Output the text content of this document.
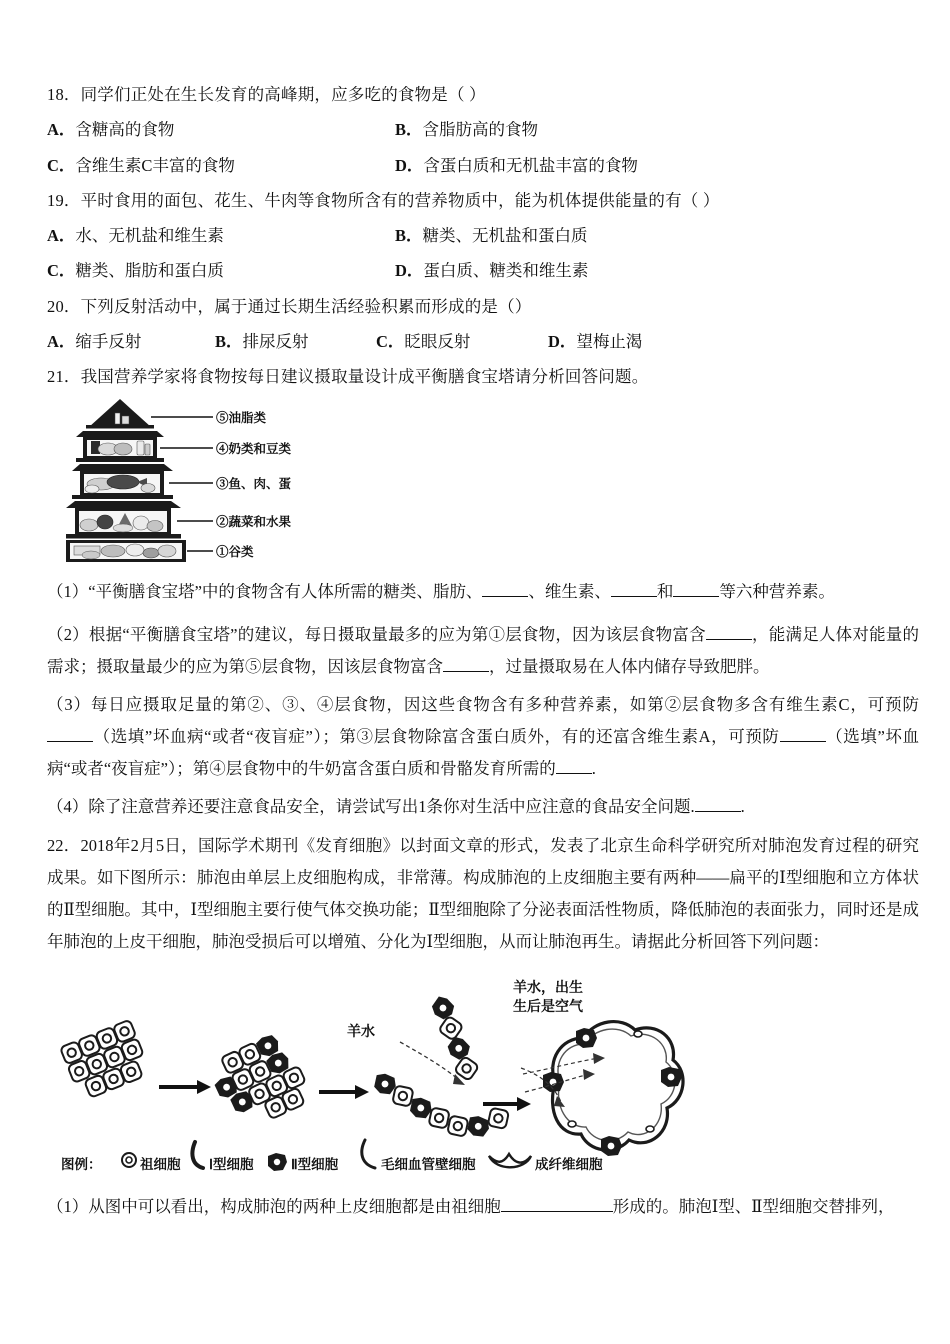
18．同学们正处在生长发育的高峰期，应多吃的食物是（ ）
A．含糖高的食物	B．含脂肪高的食物
C．含维生素C丰富的食物	D．含蛋白质和无机盐丰富的食物
19．平时食用的面包、花生、牛肉等食物所含有的营养物质中，能为机体提供能量的有（ ）
A．水、无机盐和维生素	B．糖类、无机盐和蛋白质
C．糖类、脂肪和蛋白质	D．蛋白质、糖类和维生素
20．下列反射活动中，属于通过长期生活经验积累而形成的是（）
A．缩手反射	B．排尿反射	C．眨眼反射	D．望梅止渴
21．我国营养学家将食物按每日建议摄取量设计成平衡膳食宝塔请分析回答问题。
⑤油脂类
④奶类和豆类
③鱼、肉、蛋
②蔬菜和水果
①谷类
（1）“平衡膳食宝塔”中的食物含有人体所需的糖类、脂肪、	、维生素、	和	等六种营养素。
（2）根据“平衡膳食宝塔”的建议，每日摄取量最多的应为第①层食物，因为该层食物富含	，能满足人体对能量的需求；摄取量最少的应为第⑤层食物，因该层食物富含	，过量摄取易在人体内储存导致肥胖。
（3）每日应摄取足量的第②、③、④层食物，因这些食物含有多种营养素，如第②层食物多含有维生素C，可预防（选填”坏血病“或者“夜盲症”）；第③层食物除富含蛋白质外，有的还富含维生素A，可预防	（选填”坏血病“或者“夜盲症”）；第④层食物中的牛奶富含蛋白质和骨骼发育所需的 .
（4）除了注意营养还要注意食品安全，请尝试写出1条你对生活中应注意的食品安全问题.	.
22．2018年2月5日，国际学术期刊《发育细胞》以封面文章的形式，发表了北京生命科学研究所对肺泡发育过程的研究成果。如下图所示：肺泡由单层上皮细胞构成，非常薄。构成肺泡的上皮细胞主要有两种——扁平的Ⅰ型细胞和立方体状的Ⅱ型细胞。其中，Ⅰ型细胞主要行使气体交换功能；Ⅱ型细胞除了分泌表面活性物质，降低肺泡的表面张力，同时还是成年肺泡的上皮干细胞，肺泡受损后可以增殖、分化为Ⅰ型细胞，从而让肺泡再生。请据此分析回答下列问题：
羊水
羊水，出生
生后是空气
图例：	祖细胞 Ⅰ型细胞	Ⅱ型细胞	毛细血管壁细胞	成纤维细胞
（1）从图中可以看出，构成肺泡的两种上皮细胞都是由祖细胞	形成的。肺泡Ⅰ型、Ⅱ型细胞交替排列，
